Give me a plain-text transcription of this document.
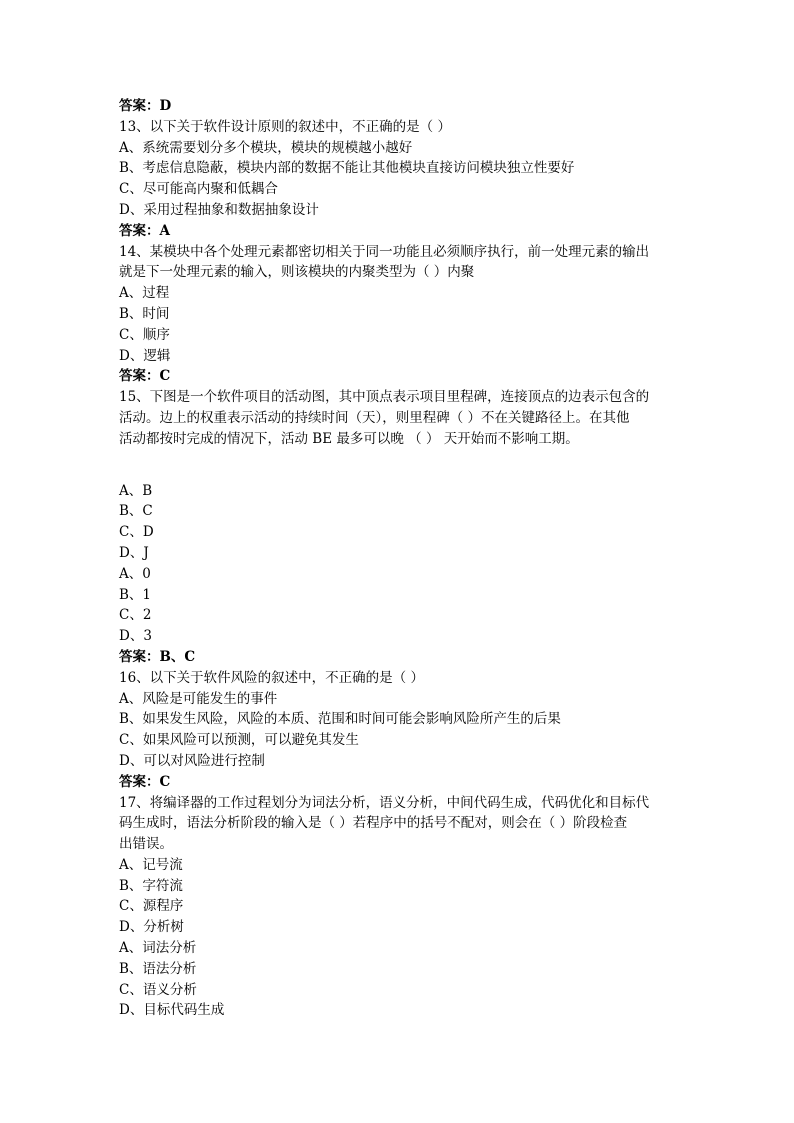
答案：D
13、以下关于软件设计原则的叙述中，不正确的是（ ）
A、系统需要划分多个模块，模块的规模越小越好
B、考虑信息隐蔽，模块内部的数据不能让其他模块直接访问模块独立性要好
C、尽可能高内聚和低耦合
D、采用过程抽象和数据抽象设计
答案：A
14、某模块中各个处理元素都密切相关于同一功能且必须顺序执行，前一处理元素的输出
就是下一处理元素的输入，则该模块的内聚类型为（ ）内聚
A、过程
B、时间
C、顺序
D、逻辑
答案：C
15、下图是一个软件项目的活动图，其中顶点表示项目里程碑，连接顶点的边表示包含的
活动。边上的权重表示活动的持续时间（天），则里程碑（ ）不在关键路径上。在其他
活动都按时完成的情况下，活动 BE 最多可以晚 （ ） 天开始而不影响工期。
A、B
B、C
C、D
D、J
A、0
B、1
C、2
D、3
答案：B、C
16、以下关于软件风险的叙述中，不正确的是（ ）
A、风险是可能发生的事件
B、如果发生风险，风险的本质、范围和时间可能会影响风险所产生的后果
C、如果风险可以预测，可以避免其发生
D、可以对风险进行控制
答案：C
17、将编译器的工作过程划分为词法分析，语义分析，中间代码生成，代码优化和目标代
码生成时，语法分析阶段的输入是（ ）若程序中的括号不配对，则会在（ ）阶段检查
出错误。
A、记号流
B、字符流
C、源程序
D、分析树
A、词法分析
B、语法分析
C、语义分析
D、目标代码生成
